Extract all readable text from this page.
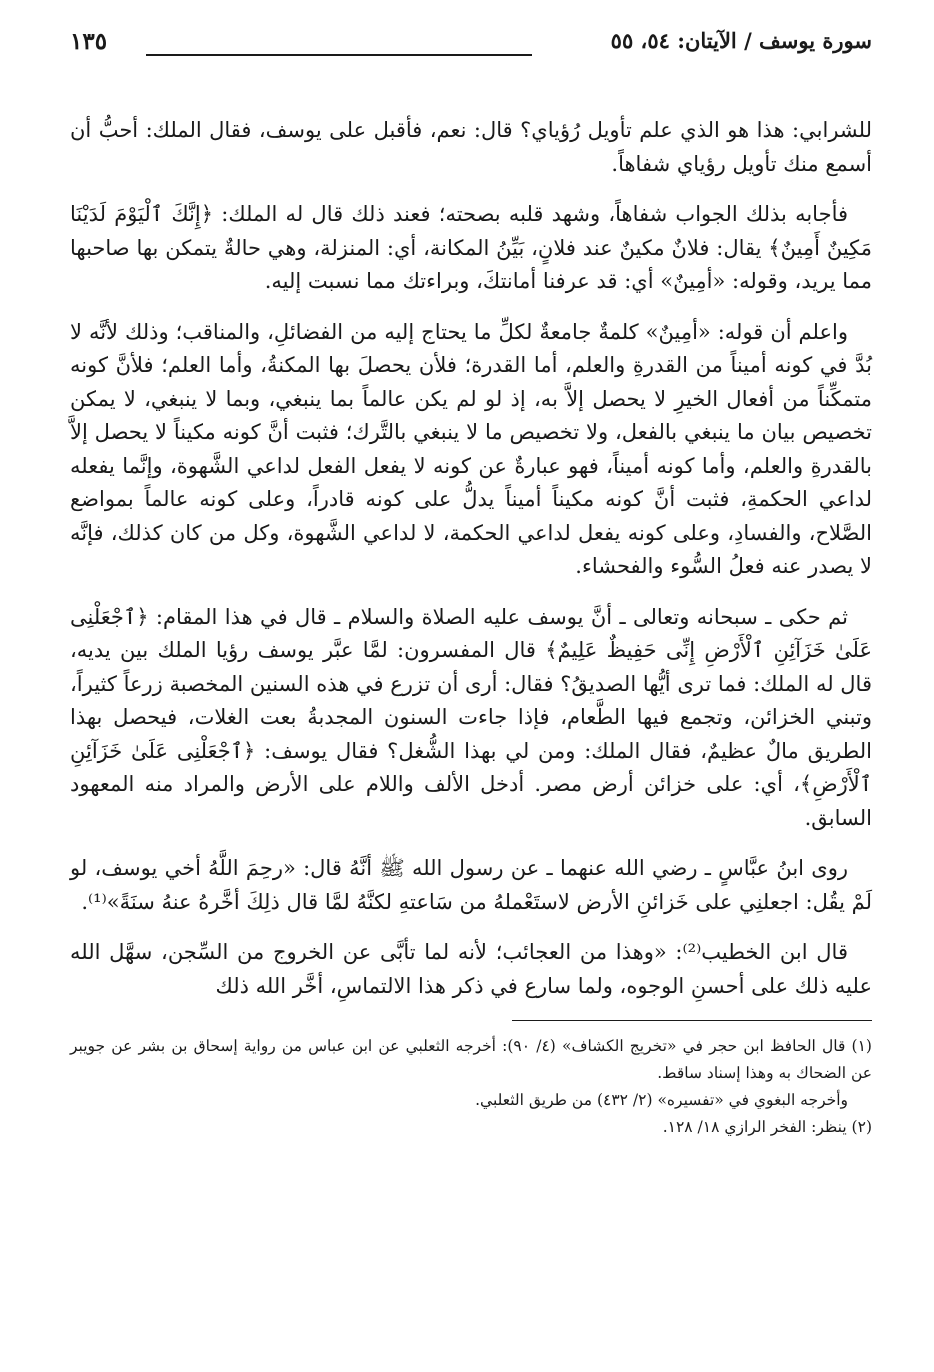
سورة يوسف / الآيتان: ٥٤، ٥٥
١٣٥

للشرابي: هذا هو الذي علم تأويل رُؤياي؟ قال: نعم، فأقبل على يوسف، فقال الملك: أحبُّ أن أسمع منك تأويل رؤياي شفاهاً.

فأجابه بذلك الجواب شفاهاً، وشهد قلبه بصحته؛ فعند ذلك قال له الملك: ﴿إِنَّكَ ٱلْيَوْمَ لَدَيْنَا مَكِينٌ أَمِينٌ﴾ يقال: فلانٌ مكينٌ عند فلانٍ، بَيِّنُ المكانة، أي: المنزلة، وهي حالةٌ يتمكن بها صاحبها مما يريد، وقوله: «أمِينٌ» أي: قد عرفنا أمانتكَ، وبراءتك مما نسبت إليه.

واعلم أن قوله: «أمِينٌ» كلمةٌ جامعةٌ لكلِّ ما يحتاج إليه من الفضائلِ، والمناقب؛ وذلك لأنَّه لا بُدَّ في كونه أميناً من القدرةِ والعلم، أما القدرة؛ فلأن يحصلَ بها المكنةُ، وأما العلم؛ فلأنَّ كونه متمكِّناً من أفعال الخيرِ لا يحصل إلاَّ به، إذ لو لم يكن عالماً بما ينبغي، وبما لا ينبغي، لا يمكن تخصيص بيان ما ينبغي بالفعل، ولا تخصيص ما لا ينبغي بالتَّرك؛ فثبت أنَّ كونه مكيناً لا يحصل إلاَّ بالقدرةِ والعلم، وأما كونه أميناً، فهو عبارةٌ عن كونه لا يفعل الفعل لداعي الشَّهوة، وإنَّما يفعله لداعي الحكمةِ، فثبت أنَّ كونه مكيناً أميناً يدلُّ على كونه قادراً، وعلى كونه عالماً بمواضع الصَّلاح، والفسادِ، وعلى كونه يفعل لداعي الحكمة، لا لداعي الشَّهوة، وكل من كان كذلك، فإنَّه لا يصدر عنه فعلُ السُّوء والفحشاء.

ثم حكى ـ سبحانه وتعالى ـ أنَّ يوسف عليه الصلاة والسلام ـ قال في هذا المقام: ﴿ٱجْعَلْنِى عَلَىٰ خَزَآئِنِ ٱلْأَرْضِ إِنِّى حَفِيظٌ عَلِيمٌ﴾ قال المفسرون: لمَّا عبَّر يوسف رؤيا الملك بين يديه، قال له الملك: فما ترى أيُّها الصديقُ؟ فقال: أرى أن تزرع في هذه السنين المخصبة زرعاً كثيراً، وتبني الخزائن، وتجمع فيها الطَّعام، فإذا جاءت السنون المجدبةُ بعت الغلات، فيحصل بهذا الطريق مالٌ عظيمٌ، فقال الملك: ومن لي بهذا الشُّغل؟ فقال يوسف: ﴿ٱجْعَلْنِى عَلَىٰ خَزَآئِنِ ٱلْأَرْضِ﴾، أي: على خزائن أرض مصر. أدخل الألف واللام على الأرض والمراد منه المعهود السابق.

روى ابنُ عبَّاسٍ ـ رضي الله عنهما ـ عن رسول الله ﷺ أنَّهُ قال: «رحِمَ اللَّهُ أخي يوسف، لو لَمْ يقُل: اجعلنِي على خَزائنِ الأرض لاستَعْملهُ من سَاعتهِ لكنَّهُ لمَّا قال ذلِكَ أخَّرهُ عنهُ سنَةً»⁽¹⁾.

قال ابن الخطيب⁽²⁾: «وهذا من العجائب؛ لأنه لما تأبَّى عن الخروج من السِّجن، سهَّل الله عليه ذلك على أحسنِ الوجوه، ولما سارع في ذكر هذا الالتماسِ، أخَّر الله ذلك

(١) قال الحافظ ابن حجر في «تخريج الكشاف» (٤/ ٩٠): أخرجه الثعلبي عن ابن عباس من رواية إسحاق بن بشر عن جويبر عن الضحاك به وهذا إسناد ساقط.

وأخرجه البغوي في «تفسيره» (٢/ ٤٣٢) من طريق الثعلبي.

(٢) ينظر: الفخر الرازي ١٨/ ١٢٨.
